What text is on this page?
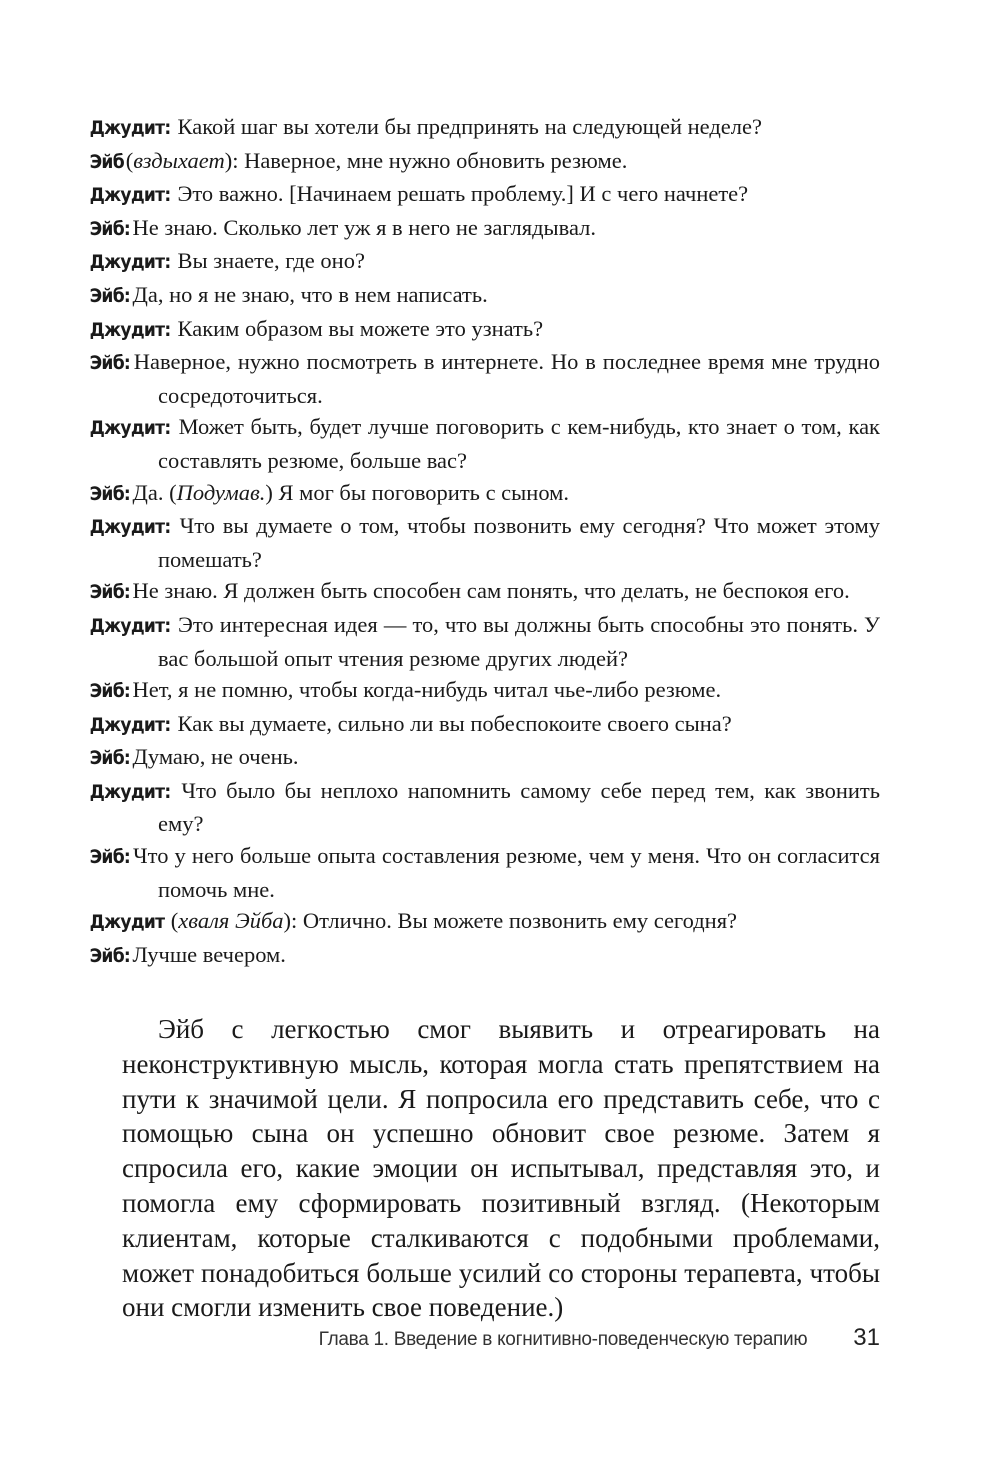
Джудит: Какой шаг вы хотели бы предпринять на следующей неделе?
Эйб (вздыхает): Наверное, мне нужно обновить резюме.
Джудит: Это важно. [Начинаем решать проблему.] И с чего начнете?
Эйб: Не знаю. Сколько лет уж я в него не заглядывал.
Джудит: Вы знаете, где оно?
Эйб: Да, но я не знаю, что в нем написать.
Джудит: Каким образом вы можете это узнать?
Эйб: Наверное, нужно посмотреть в интернете. Но в последнее время мне трудно сосредоточиться.
Джудит: Может быть, будет лучше поговорить с кем-нибудь, кто знает о том, как составлять резюме, больше вас?
Эйб: Да. (Подумав.) Я мог бы поговорить с сыном.
Джудит: Что вы думаете о том, чтобы позвонить ему сегодня? Что может этому помешать?
Эйб: Не знаю. Я должен быть способен сам понять, что делать, не беспокоя его.
Джудит: Это интересная идея — то, что вы должны быть способны это понять. У вас большой опыт чтения резюме других людей?
Эйб: Нет, я не помню, чтобы когда-нибудь читал чье-либо резюме.
Джудит: Как вы думаете, сильно ли вы побеспокоите своего сына?
Эйб: Думаю, не очень.
Джудит: Что было бы неплохо напомнить самому себе перед тем, как звонить ему?
Эйб: Что у него больше опыта составления резюме, чем у меня. Что он согласится помочь мне.
Джудит (хваля Эйба): Отлично. Вы можете позвонить ему сегодня?
Эйб: Лучше вечером.

Эйб с легкостью смог выявить и отреагировать на неконструктивную мысль, которая могла стать препятствием на пути к значимой цели. Я попросила его представить себе, что с помощью сына он успешно обновит свое резюме. Затем я спросила его, какие эмоции он испытывал, представляя это, и помогла ему сформировать позитивный взгляд. (Некоторым клиентам, которые сталкиваются с подобными проблемами, может понадобиться больше усилий со стороны терапевта, чтобы они смогли изменить свое поведение.)

Глава 1. Введение в когнитивно-поведенческую терапию 31
